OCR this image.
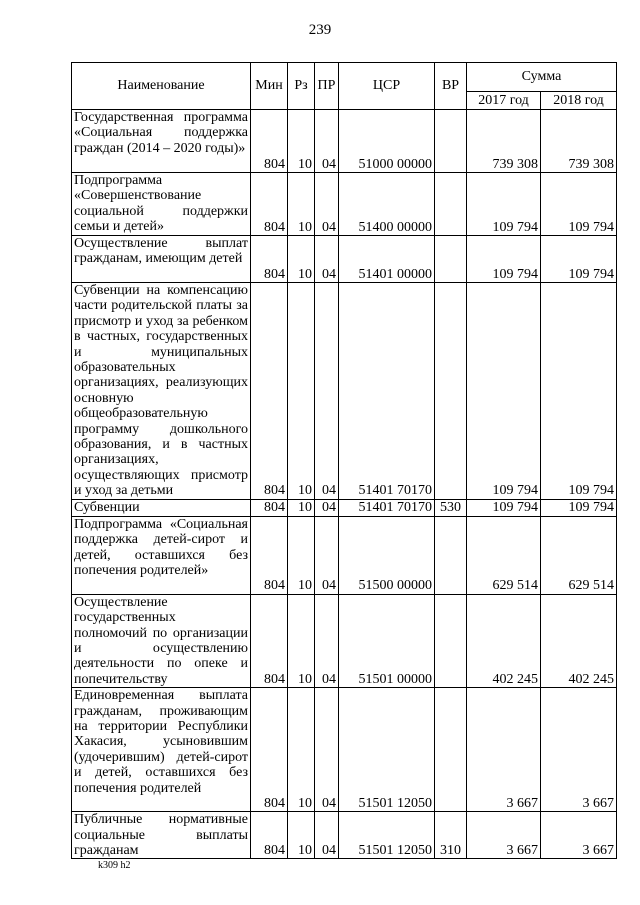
239
Наименование	Мин	Рз	ПР	ЦСР	ВР	Сумма	
						2017 год	2018 год
Государственная программа «Социальная поддержка граждан (2014 – 2020 годы)»	804	10	04	51000 00000		739 308	739 308
Подпрограмма «Совершенствование социальной поддержки семьи и детей»	804	10	04	51400 00000		109 794	109 794
Осуществление выплат гражданам, имеющим детей	804	10	04	51401 00000		109 794	109 794
Субвенции на компенсацию части родительской платы за присмотр и уход за ребенком в частных, государственных и муниципальных образовательных организациях, реализующих основную общеобразовательную программу дошкольного образования, и в частных организациях, осуществляющих присмотр и уход за детьми	804	10	04	51401 70170		109 794	109 794
Субвенции	804	10	04	51401 70170	530	109 794	109 794
Подпрограмма «Социальная поддержка детей-сирот и детей, оставшихся без попечения родителей»	804	10	04	51500 00000		629 514	629 514
Осуществление государственных полномочий по организации и осуществлению деятельности по опеке и попечительству	804	10	04	51501 00000		402 245	402 245
Единовременная выплата гражданам, проживающим на территории Республики Хакасия, усыновившим (удочерившим) детей-сирот и детей, оставшихся без попечения родителей	804	10	04	51501 12050		3 667	3 667
Публичные нормативные социальные выплаты гражданам	804	10	04	51501 12050	310	3 667	3 667
k309 h2
